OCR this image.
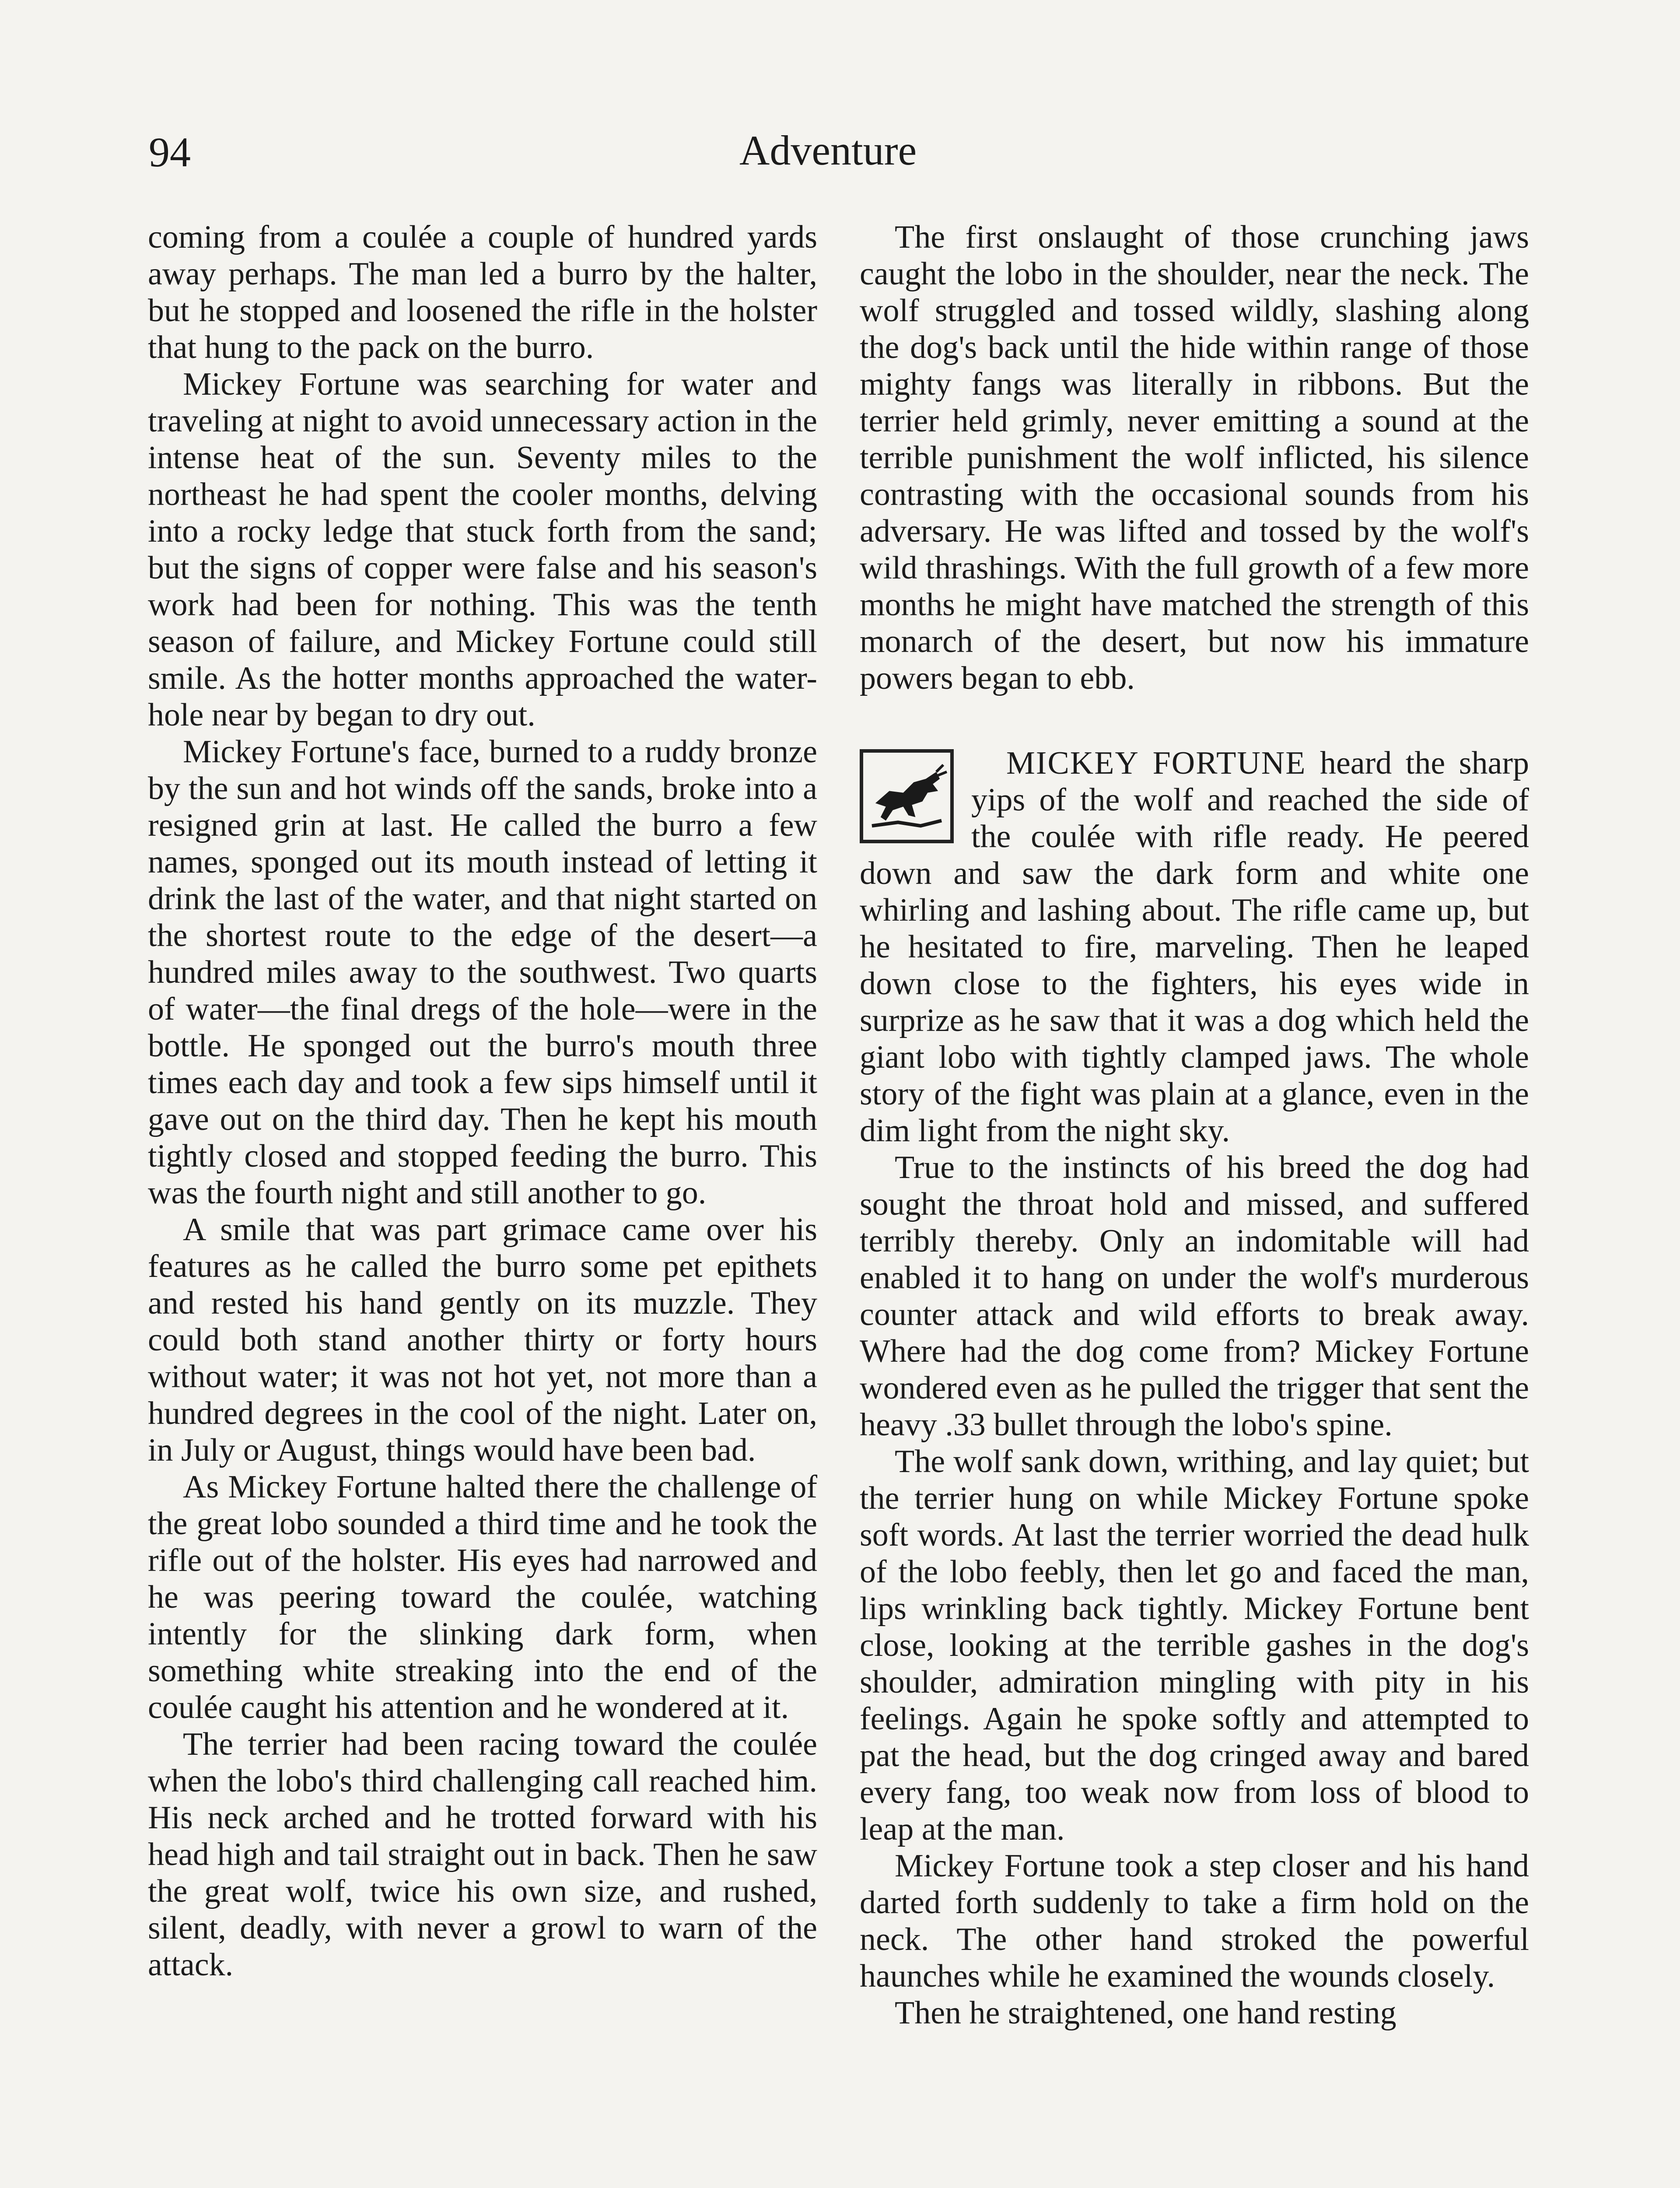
94	Adventure

coming from a coulée a couple of hundred yards away perhaps. The man led a burro by the halter, but he stopped and loosened the rifle in the holster that hung to the pack on the burro.

Mickey Fortune was searching for water and traveling at night to avoid unnecessary action in the intense heat of the sun. Seventy miles to the northeast he had spent the cooler months, delving into a rocky ledge that stuck forth from the sand; but the signs of copper were false and his season's work had been for nothing. This was the tenth season of failure, and Mickey Fortune could still smile. As the hotter months approached the water-hole near by began to dry out.

Mickey Fortune's face, burned to a ruddy bronze by the sun and hot winds off the sands, broke into a resigned grin at last. He called the burro a few names, sponged out its mouth instead of letting it drink the last of the water, and that night started on the shortest route to the edge of the desert—a hundred miles away to the southwest. Two quarts of water—the final dregs of the hole—were in the bottle. He sponged out the burro's mouth three times each day and took a few sips himself until it gave out on the third day. Then he kept his mouth tightly closed and stopped feeding the burro. This was the fourth night and still another to go.

A smile that was part grimace came over his features as he called the burro some pet epithets and rested his hand gently on its muzzle. They could both stand another thirty or forty hours without water; it was not hot yet, not more than a hundred degrees in the cool of the night. Later on, in July or August, things would have been bad.

As Mickey Fortune halted there the challenge of the great lobo sounded a third time and he took the rifle out of the holster. His eyes had narrowed and he was peering toward the coulée, watching intently for the slinking dark form, when something white streaking into the end of the coulée caught his attention and he wondered at it.

The terrier had been racing toward the coulée when the lobo's third challenging call reached him. His neck arched and he trotted forward with his head high and tail straight out in back. Then he saw the great wolf, twice his own size, and rushed, silent, deadly, with never a growl to warn of the attack.

The first onslaught of those crunching jaws caught the lobo in the shoulder, near the neck. The wolf struggled and tossed wildly, slashing along the dog's back until the hide within range of those mighty fangs was literally in ribbons. But the terrier held grimly, never emitting a sound at the terrible punishment the wolf inflicted, his silence contrasting with the occasional sounds from his adversary. He was lifted and tossed by the wolf's wild thrashings. With the full growth of a few more months he might have matched the strength of this monarch of the desert, but now his immature powers began to ebb.

MICKEY FORTUNE heard the sharp yips of the wolf and reached the side of the coulée with rifle ready. He peered down and saw the dark form and white one whirling and lashing about. The rifle came up, but he hesitated to fire, marveling. Then he leaped down close to the fighters, his eyes wide in surprize as he saw that it was a dog which held the giant lobo with tightly clamped jaws. The whole story of the fight was plain at a glance, even in the dim light from the night sky.

True to the instincts of his breed the dog had sought the throat hold and missed, and suffered terribly thereby. Only an indomitable will had enabled it to hang on under the wolf's murderous counter attack and wild efforts to break away. Where had the dog come from? Mickey Fortune wondered even as he pulled the trigger that sent the heavy .33 bullet through the lobo's spine.

The wolf sank down, writhing, and lay quiet; but the terrier hung on while Mickey Fortune spoke soft words. At last the terrier worried the dead hulk of the lobo feebly, then let go and faced the man, lips wrinkling back tightly. Mickey Fortune bent close, looking at the terrible gashes in the dog's shoulder, admiration mingling with pity in his feelings. Again he spoke softly and attempted to pat the head, but the dog cringed away and bared every fang, too weak now from loss of blood to leap at the man.

Mickey Fortune took a step closer and his hand darted forth suddenly to take a firm hold on the neck. The other hand stroked the powerful haunches while he examined the wounds closely.

Then he straightened, one hand resting
